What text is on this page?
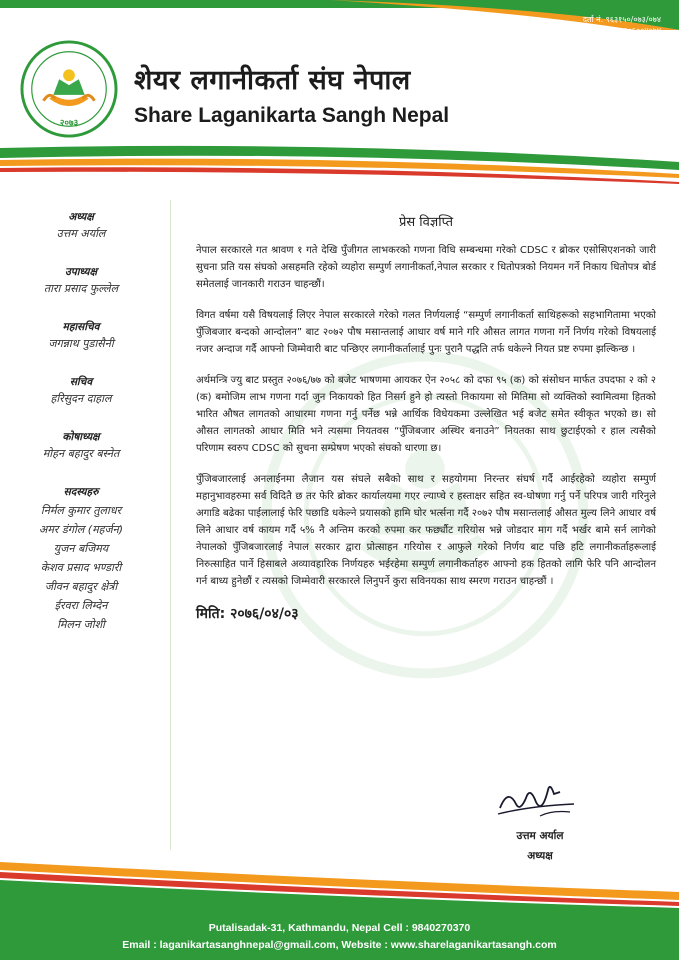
दर्ता नं. ९६३१५०/०७३/०७४
स्था.ले.नं. : ६०६००४०७४
२०७३
शेयर लगानीकर्ता संघ नेपाल
Share Laganikarta Sangh Nepal

अध्यक्ष

उत्तम अर्याल

उपाध्यक्ष

तारा प्रसाद फुल्लेल

महासचिव

जगन्नाथ पुडासैनी

सचिव

हरिसुदन दाहाल

कोषाध्यक्ष

मोहन बहादुर बस्नेत

सदस्यहरु

निर्मल कुमार तुलाधर

अमर डंगोल (महर्जन)

युजन बजिमय

केशव प्रसाद भण्डारी

जीवन बहादुर क्षेत्री

ईरवरा लिम्देन

मिलन जोशी

प्रेस विज्ञप्ति

नेपाल सरकारले गत श्रावण १ गते देखि पुँजीगत लाभकरको गणना विधि सम्बन्धमा गरेको CDSC र ब्रोकर एसोसिएशनको जारी सुचना प्रति यस संघको असहमति रहेको व्यहोरा सम्पुर्ण लगानीकर्ता,नेपाल सरकार र धितोपत्रको नियमन गर्ने निकाय धितोपत्र बोर्ड समेतलाई जानकारी गराउन चाहन्छौं।

विगत वर्षमा यसै विषयलाई लिएर नेपाल सरकारले गरेको गलत निर्णयलाई “सम्पुर्ण लगानीकर्ता साथिहरूको सहभागितामा भएको पुँजिबजार बन्दको आन्दोलन” बाट २०७२ पौष मसान्तलाई आधार वर्ष माने गरि औसत लागत गणना गर्ने निर्णय गरेको विषयलाई नजर अन्दाज गर्दै आफ्नो जिम्मेवारी बाट पन्छिएर लगानीकर्तालाई पुनः पुरानै पद्धति तर्फ धकेल्ने नियत प्रष्ट रुपमा झल्किन्छ ।

अर्थमन्त्रि ज्यु बाट प्रस्तुत २०७६/७७ को बजेट भाषणमा आयकर ऐन २०५८ को दफा ९५ (क) को संसोधन मार्फत उपदफा २ को २ (क) बमोजिम लाभ गणना गर्दा जुन निकायको हित निसर्ग हुने हो त्यस्तो निकायमा सो मितिमा सो व्यक्तिको स्वामित्वमा हितको भारित औषत लागतको आधारमा गणना गर्नु पर्नेछ भन्ने आर्थिक विधेयकमा उल्लेखित भई बजेट समेत स्वीकृत भएको छ। सो औसत लागतको आधार मिति भने त्यसमा नियतवस “पुँजिबजार अस्थिर बनाउने” नियतका साथ छुटाईएको र हाल त्यसैको परिणाम स्वरुप CDSC को सुचना सम्प्रेषण भएको संघको धारणा छ।

पुँजिबजारलाई अनलाईनमा लैजान यस संघले सबैको साथ र सहयोगमा निरन्तर संघर्ष गर्दै आईरहेको व्यहोरा सम्पुर्ण महानुभावहरुमा सर्व विदितै छ तर फेरि ब्रोकर कार्यालयमा गएर ल्याप्चे र हस्ताक्षर सहित स्व-घोषणा गर्नु पर्ने परिपत्र जारी गरिनुले अगाडि बढेका पाईलालाई फेरि पछाडि धकेल्ने प्रयासको हामि घोर भर्त्सना गर्दै २०७२ पौष मसान्तलाई औसत मुल्य लिने आधार वर्ष लिने आधार वर्ष कायम गर्दै ५% नै अन्तिम करको रुपमा कर फर्छ्यौट गरियोस भन्ने जोडदार माग गर्दै भर्खर बामे सर्न लागेको नेपालको पुँजिबजारलाई नेपाल सरकार द्वारा प्रोत्साहन गरियोस र आफुले गरेको निर्णय बाट पछि हटि लगानीकर्ताहरूलाई निरुत्साहित पार्ने हिसाबले अव्यावहारिक निर्णयहरु भईरहेमा सम्पुर्ण लगानीकर्ताहरु आफ्नो हक हितको लागि फेरि पनि आन्दोलन गर्न बाध्य हुनेछौं र त्यसको जिम्मेवारी सरकारले लिनुपर्ने कुरा सविनयका साथ स्मरण गराउन चाहन्छौं ।

मिति: २०७६/०४/०३

उत्तम अर्याल
अध्यक्ष
Putalisadak-31, Kathmandu, Nepal Cell : 9840270370
Email : laganikartasanghnepal@gmail.com, Website : www.sharelaganikartasangh.com
